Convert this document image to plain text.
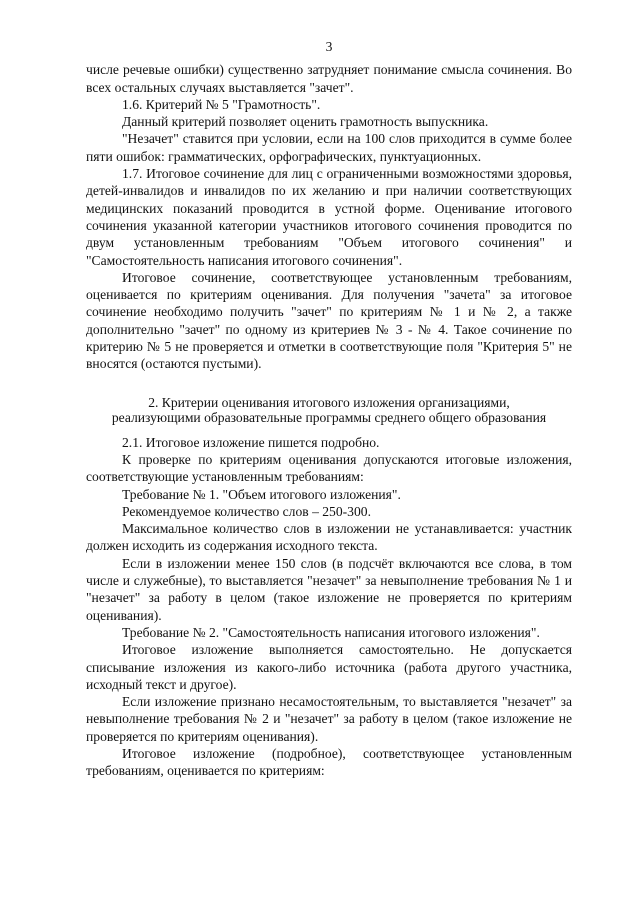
3

числе речевые ошибки) существенно затрудняет понимание смысла сочинения. Во всех остальных случаях выставляется "зачет".

1.6. Критерий № 5 "Грамотность".

Данный критерий позволяет оценить грамотность выпускника.

"Незачет" ставится при условии, если на 100 слов приходится в сумме более пяти ошибок: грамматических, орфографических, пунктуационных.

1.7. Итоговое сочинение для лиц с ограниченными возможностями здоровья, детей-инвалидов и инвалидов по их желанию и при наличии соответствующих медицинских показаний проводится в устной форме. Оценивание итогового сочинения указанной категории участников итогового сочинения проводится по двум установленным требованиям "Объем итогового сочинения" и "Самостоятельность написания итогового сочинения".

Итоговое сочинение, соответствующее установленным требованиям, оценивается по критериям оценивания. Для получения "зачета" за итоговое сочинение необходимо получить "зачет" по критериям № 1 и № 2, а также дополнительно "зачет" по одному из критериев № 3 - № 4. Такое сочинение по критерию № 5 не проверяется и отметки в соответствующие поля "Критерия 5" не вносятся (остаются пустыми).

2. Критерии оценивания итогового изложения организациями,
реализующими образовательные программы среднего общего образования

2.1. Итоговое изложение пишется подробно.

К проверке по критериям оценивания допускаются итоговые изложения, соответствующие установленным требованиям:

Требование № 1. "Объем итогового изложения".

Рекомендуемое количество слов – 250-300.

Максимальное количество слов в изложении не устанавливается: участник должен исходить из содержания исходного текста.

Если в изложении менее 150 слов (в подсчёт включаются все слова, в том числе и служебные), то выставляется "незачет" за невыполнение требования № 1 и "незачет" за работу в целом (такое изложение не проверяется по критериям оценивания).

Требование № 2. "Самостоятельность написания итогового изложения".

Итоговое изложение выполняется самостоятельно. Не допускается списывание изложения из какого-либо источника (работа другого участника, исходный текст и другое).

Если изложение признано несамостоятельным, то выставляется "незачет" за невыполнение требования № 2 и "незачет" за работу в целом (такое изложение не проверяется по критериям оценивания).

Итоговое изложение (подробное), соответствующее установленным требованиям, оценивается по критериям:
